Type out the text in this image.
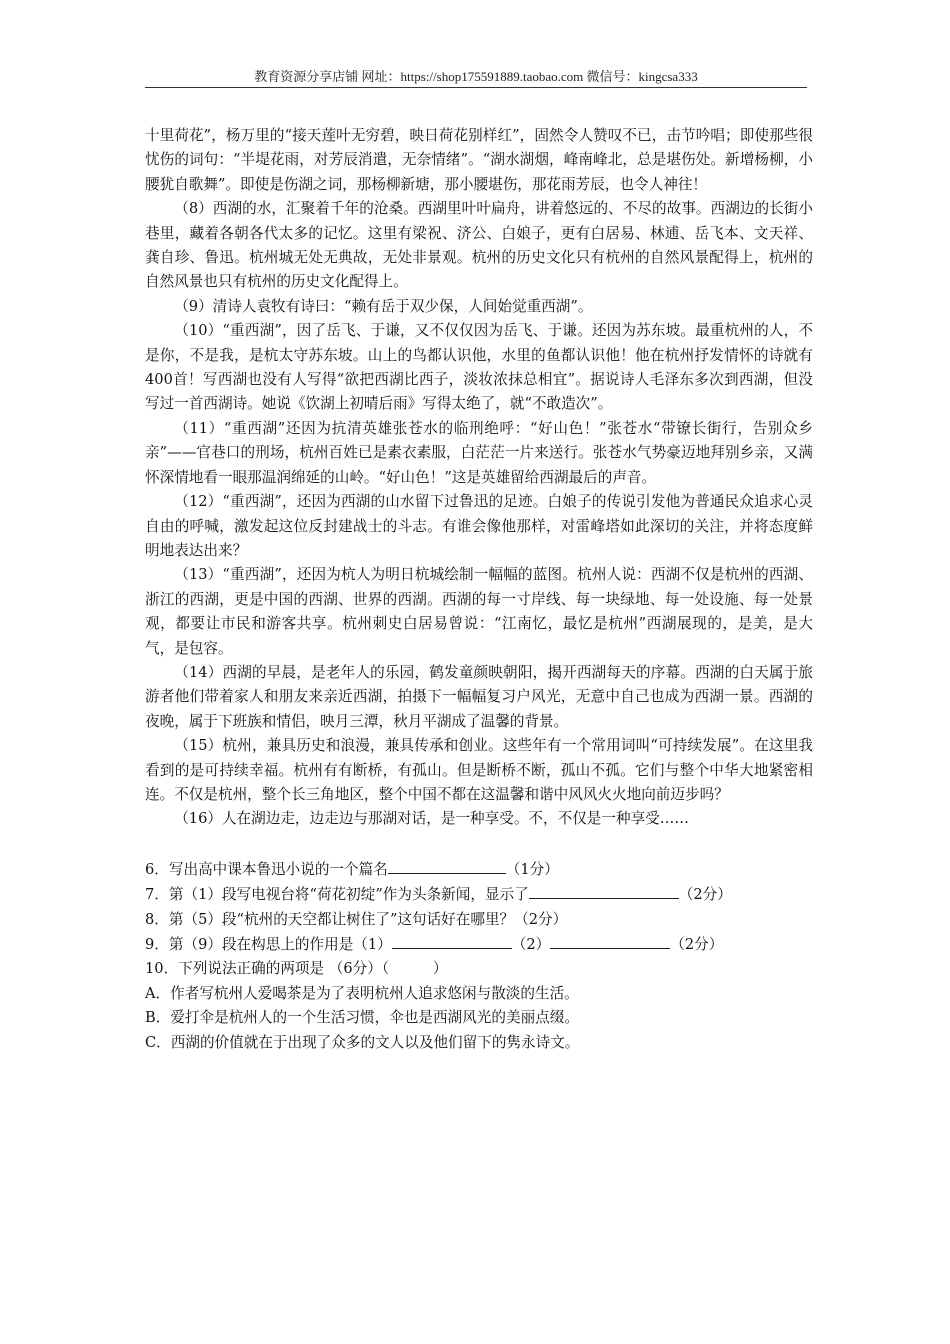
教育资源分享店铺 网址：https://shop175591889.taobao.com 微信号：kingcsa333

十里荷花”，杨万里的“接天莲叶无穷碧，映日荷花别样红”，固然令人赞叹不已，击节吟唱；即使那些很忧伤的词句：“半堤花雨，对芳辰消遣，无奈情绪”。“湖水湖烟，峰南峰北，总是堪伤处。新增杨柳，小腰犹自歌舞”。即使是伤湖之词，那杨柳新塘，那小腰堪伤，那花雨芳辰，也令人神往！

（8）西湖的水，汇聚着千年的沧桑。西湖里叶叶扁舟，讲着悠远的、不尽的故事。西湖边的长街小巷里，藏着各朝各代太多的记忆。这里有梁祝、济公、白娘子，更有白居易、林逋、岳飞本、文天祥、龚自珍、鲁迅。杭州城无处无典故，无处非景观。杭州的历史文化只有杭州的自然风景配得上，杭州的自然风景也只有杭州的历史文化配得上。

（9）清诗人袁牧有诗曰：“赖有岳于双少保，人间始觉重西湖”。

（10）“重西湖”，因了岳飞、于谦，又不仅仅因为岳飞、于谦。还因为苏东坡。最重杭州的人，不是你，不是我，是杭太守苏东坡。山上的鸟都认识他，水里的鱼都认识他！他在杭州抒发情怀的诗就有400首！写西湖也没有人写得“欲把西湖比西子，淡妆浓抹总相宜”。据说诗人毛泽东多次到西湖，但没写过一首西湖诗。她说《饮湖上初晴后雨》写得太绝了，就“不敢造次”。

（11）“重西湖”还因为抗清英雄张苍水的临刑绝呼：“好山色！”张苍水“带镣长街行，告别众乡亲”——官巷口的刑场，杭州百姓已是素衣素服，白茫茫一片来送行。张苍水气势豪迈地拜别乡亲，又满怀深情地看一眼那温润绵延的山岭。“好山色！”这是英雄留给西湖最后的声音。

（12）“重西湖”，还因为西湖的山水留下过鲁迅的足迹。白娘子的传说引发他为普通民众追求心灵自由的呼喊，激发起这位反封建战士的斗志。有谁会像他那样，对雷峰塔如此深切的关注，并将态度鲜明地表达出来？

（13）“重西湖”，还因为杭人为明日杭城绘制一幅幅的蓝图。杭州人说：西湖不仅是杭州的西湖、浙江的西湖，更是中国的西湖、世界的西湖。西湖的每一寸岸线、每一块绿地、每一处设施、每一处景观，都要让市民和游客共享。杭州刺史白居易曾说：“江南忆，最忆是杭州”西湖展现的，是美，是大气，是包容。

（14）西湖的早晨，是老年人的乐园，鹤发童颜映朝阳，揭开西湖每天的序幕。西湖的白天属于旅游者他们带着家人和朋友来亲近西湖，拍摄下一幅幅复习户风光，无意中自己也成为西湖一景。西湖的夜晚，属于下班族和情侣，映月三潭，秋月平湖成了温馨的背景。

（15）杭州，兼具历史和浪漫，兼具传承和创业。这些年有一个常用词叫“可持续发展”。在这里我看到的是可持续幸福。杭州有有断桥，有孤山。但是断桥不断，孤山不孤。它们与整个中华大地紧密相连。不仅是杭州，整个长三角地区，整个中国不都在这温馨和谐中风风火火地向前迈步吗？

（16）人在湖边走，边走边与那湖对话，是一种享受。不，不仅是一种享受……

6．写出高中课本鲁迅小说的一个篇名	（1分）

7．第（1）段写电视台将“荷花初绽”作为头条新闻，显示了	（2分）

8．第（5）段“杭州的天空都让树住了”这句话好在哪里？（2分）

9．第（9）段在构思上的作用是（1）	（2）	（2分）

10．下列说法正确的两项是 （6分）（　　　）

A．作者写杭州人爱喝茶是为了表明杭州人追求悠闲与散淡的生活。

B．爱打伞是杭州人的一个生活习惯，伞也是西湖风光的美丽点缀。

C．西湖的价值就在于出现了众多的文人以及他们留下的隽永诗文。
